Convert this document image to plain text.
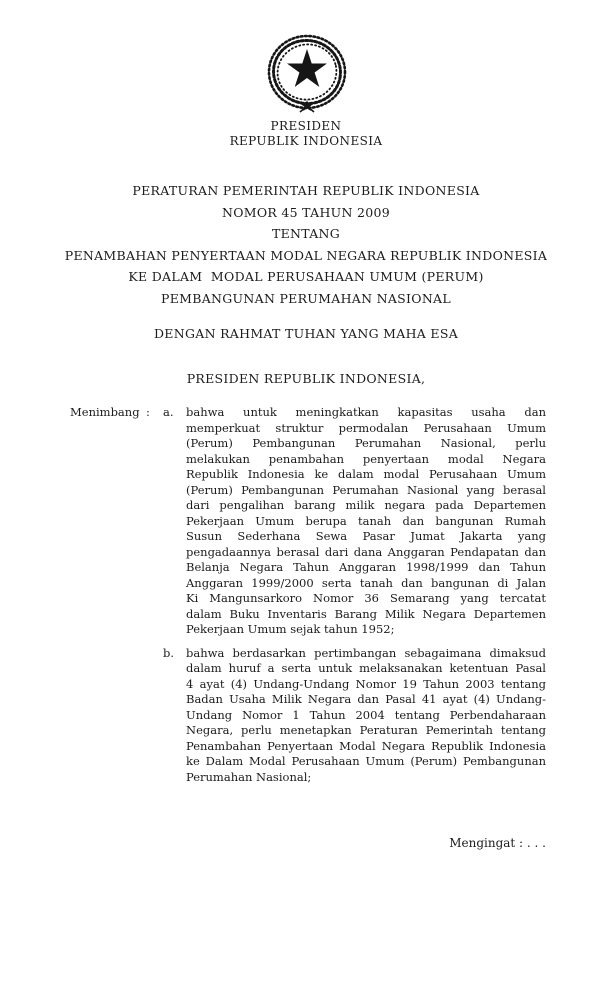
PRESIDEN
REPUBLIK INDONESIA
PERATURAN PEMERINTAH REPUBLIK INDONESIA
NOMOR 45 TAHUN 2009
TENTANG
PENAMBAHAN PENYERTAAN MODAL NEGARA REPUBLIK INDONESIA
KE DALAM  MODAL PERUSAHAAN UMUM (PERUM)
PEMBANGUNAN PERUMAHAN NASIONAL
DENGAN RAHMAT TUHAN YANG MAHA ESA
PRESIDEN REPUBLIK INDONESIA,
Menimbang :	a.	bahwa untuk meningkatkan kapasitas usaha dan
memperkuat struktur permodalan Perusahaan Umum
(Perum) Pembangunan Perumahan Nasional, perlu
melakukan penambahan penyertaan modal Negara
Republik Indonesia ke dalam modal Perusahaan Umum
(Perum) Pembangunan Perumahan Nasional yang berasal
dari pengalihan barang milik negara pada Departemen
Pekerjaan Umum berupa tanah dan bangunan Rumah
Susun Sederhana Sewa Pasar Jumat Jakarta yang
pengadaannya berasal dari dana Anggaran Pendapatan dan
Belanja Negara Tahun Anggaran 1998/1999 dan Tahun
Anggaran 1999/2000 serta tanah dan bangunan di Jalan
Ki Mangunsarkoro Nomor 36 Semarang yang tercatat
dalam Buku Inventaris Barang Milik Negara Departemen
Pekerjaan Umum sejak tahun 1952;
b.	bahwa berdasarkan pertimbangan sebagaimana dimaksud
dalam huruf a serta untuk melaksanakan ketentuan Pasal
4 ayat (4) Undang-Undang Nomor 19 Tahun 2003 tentang
Badan Usaha Milik Negara dan Pasal 41 ayat (4) Undang-
Undang Nomor 1 Tahun 2004 tentang Perbendaharaan
Negara, perlu menetapkan Peraturan Pemerintah tentang
Penambahan Penyertaan Modal Negara Republik Indonesia
ke Dalam Modal Perusahaan Umum (Perum) Pembangunan
Perumahan Nasional;
Mengingat : . . .
